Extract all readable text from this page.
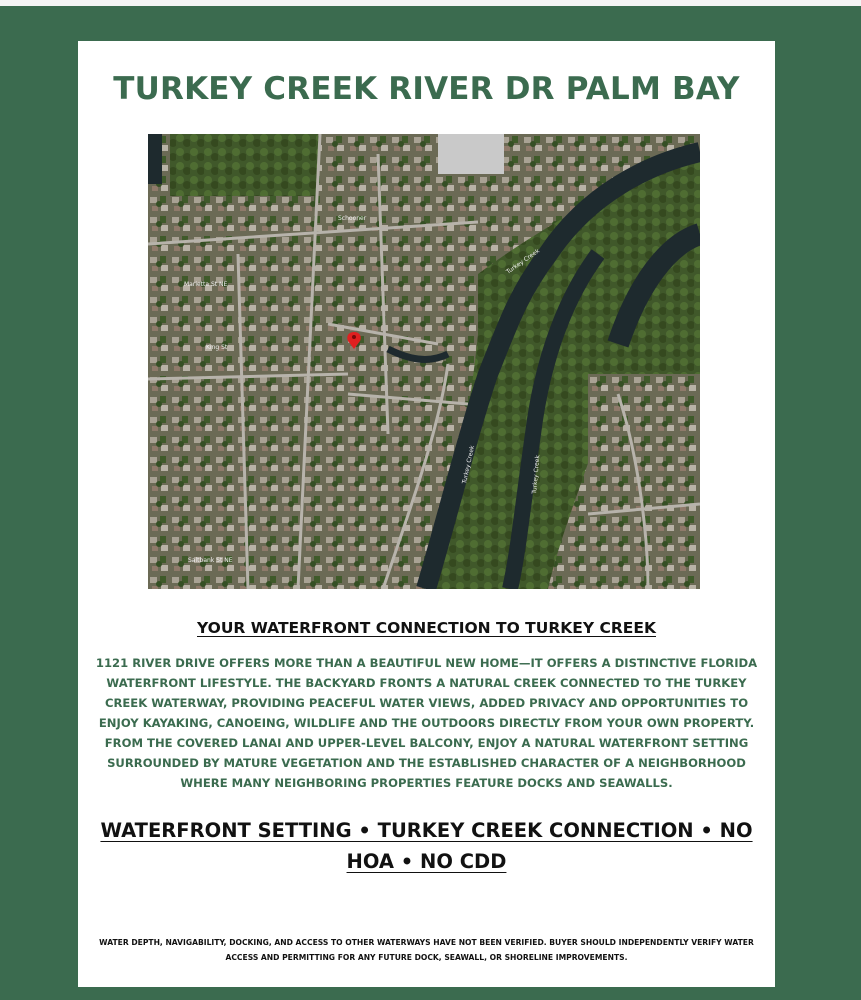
TURKEY CREEK RIVER DR PALM BAY
Turkey Creek
Turkey Creek	Turkey Creek
Marietta St NE
King St
Schooner
Saltbank St NE
YOUR WATERFRONT CONNECTION TO TURKEY CREEK
1121 RIVER DRIVE OFFERS MORE THAN A BEAUTIFUL NEW HOME—IT OFFERS A DISTINCTIVE FLORIDA WATERFRONT LIFESTYLE. THE BACKYARD FRONTS A NATURAL CREEK CONNECTED TO THE TURKEY CREEK WATERWAY, PROVIDING PEACEFUL WATER VIEWS, ADDED PRIVACY AND OPPORTUNITIES TO ENJOY KAYAKING, CANOEING, WILDLIFE AND THE OUTDOORS DIRECTLY FROM YOUR OWN PROPERTY.
FROM THE COVERED LANAI AND UPPER-LEVEL BALCONY, ENJOY A NATURAL WATERFRONT SETTING SURROUNDED BY MATURE VEGETATION AND THE ESTABLISHED CHARACTER OF A NEIGHBORHOOD WHERE MANY NEIGHBORING PROPERTIES FEATURE DOCKS AND SEAWALLS.
WATERFRONT SETTING • TURKEY CREEK CONNECTION • NO HOA • NO CDD
WATER DEPTH, NAVIGABILITY, DOCKING, AND ACCESS TO OTHER WATERWAYS HAVE NOT BEEN VERIFIED. BUYER SHOULD INDEPENDENTLY VERIFY WATER ACCESS AND PERMITTING FOR ANY FUTURE DOCK, SEAWALL, OR SHORELINE IMPROVEMENTS.
